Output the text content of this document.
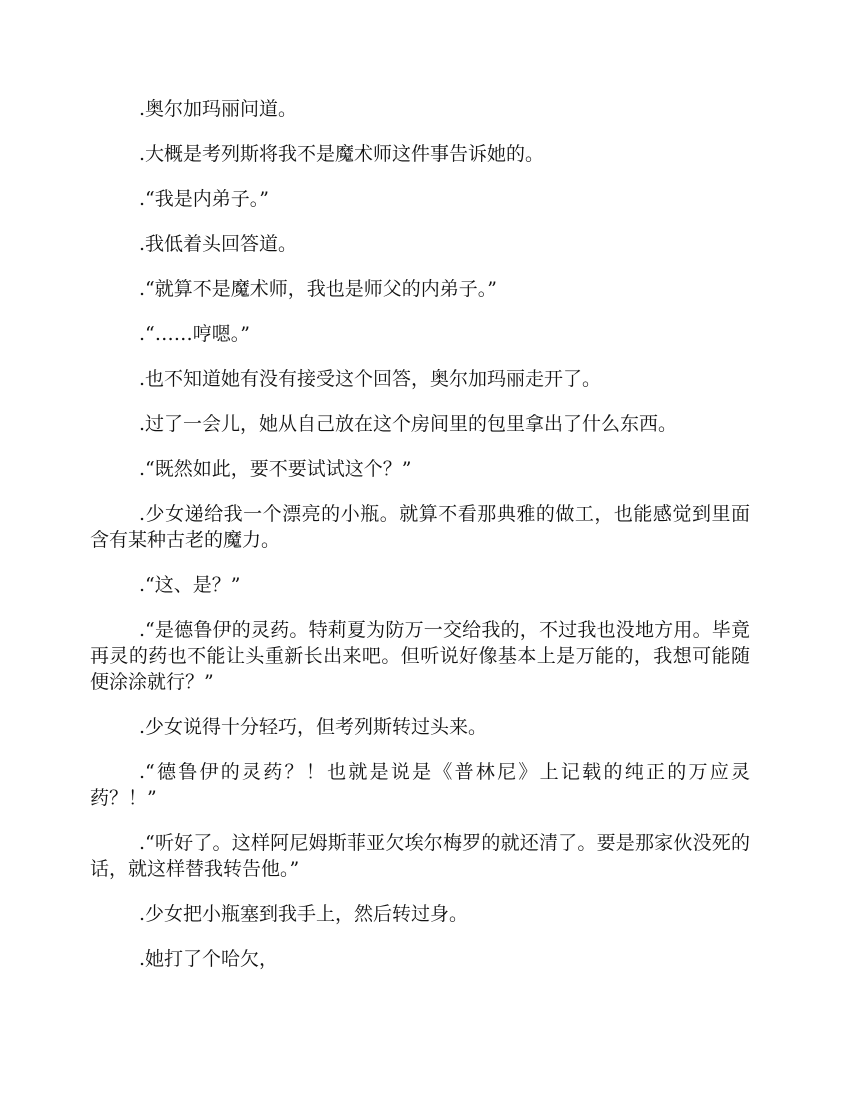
.奥尔加玛丽问道。

.大概是考列斯将我不是魔术师这件事告诉她的。

.“我是内弟子。”

.我低着头回答道。

.“就算不是魔术师，我也是师父的内弟子。”

.“……哼嗯。”

.也不知道她有没有接受这个回答，奥尔加玛丽走开了。

.过了一会儿，她从自己放在这个房间里的包里拿出了什么东西。

.“既然如此，要不要试试这个？”

.少女递给我一个漂亮的小瓶。就算不看那典雅的做工，也能感觉到里面含有某种古老的魔力。

.“这、是？”

.“是德鲁伊的灵药。特莉夏为防万一交给我的，不过我也没地方用。毕竟再灵的药也不能让头重新长出来吧。但听说好像基本上是万能的，我想可能随便涂涂就行？”

.少女说得十分轻巧，但考列斯转过头来。

.“德鲁伊的灵药？！也就是说是《普林尼》上记载的纯正的万应灵药？！”

.“听好了。这样阿尼姆斯菲亚欠埃尔梅罗的就还清了。要是那家伙没死的话，就这样替我转告他。”

.少女把小瓶塞到我手上，然后转过身。

.她打了个哈欠，
